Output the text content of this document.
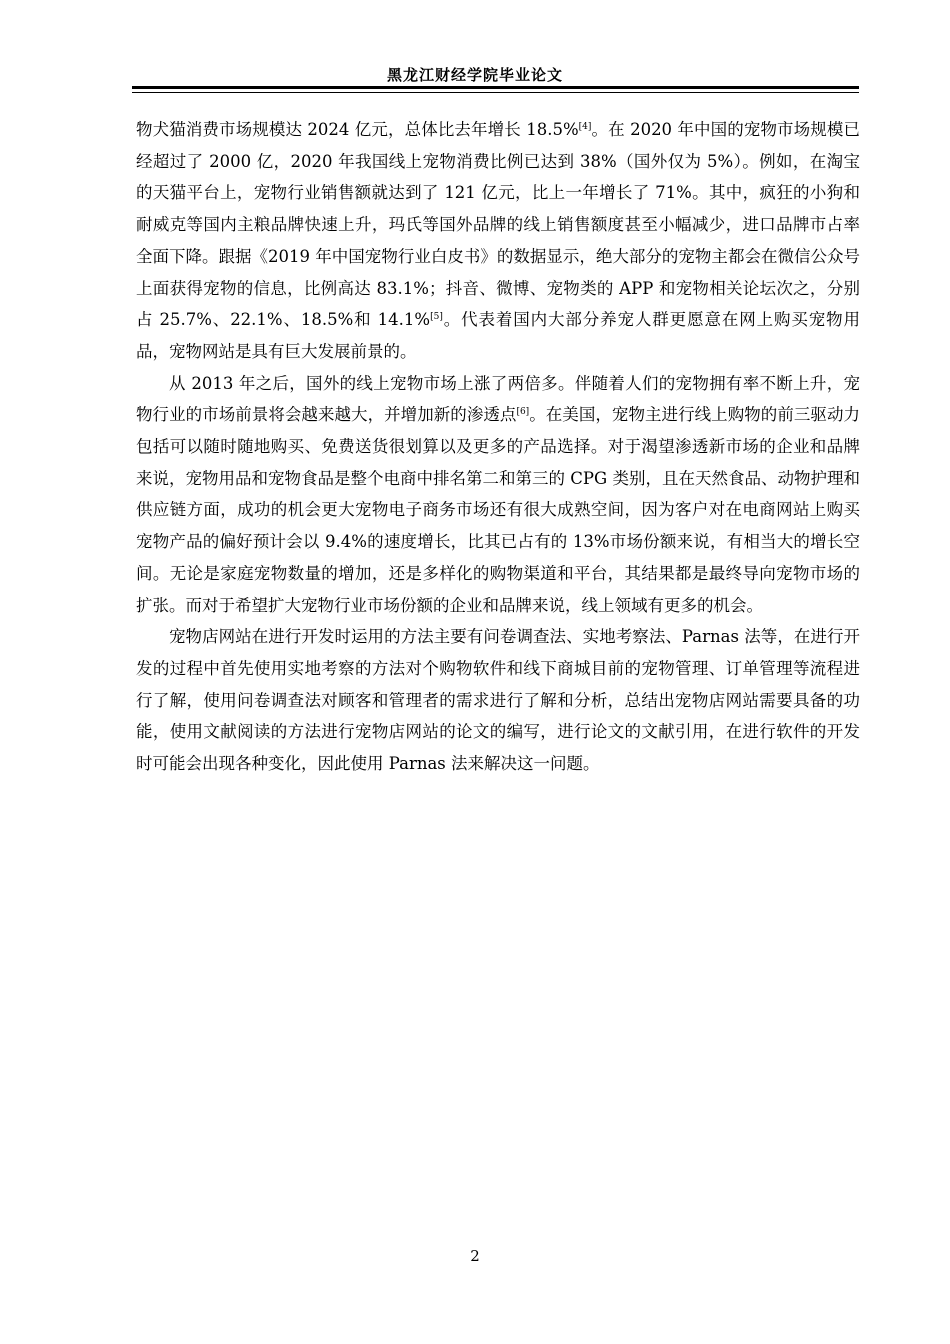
黑龙江财经学院毕业论文

物犬猫消费市场规模达 2024 亿元，总体比去年增长 18.5%[4]。在 2020 年中国的宠物市场规模已经超过了 2000 亿，2020 年我国线上宠物消费比例已达到 38%（国外仅为 5%）。例如，在淘宝的天猫平台上，宠物行业销售额就达到了 121 亿元，比上一年增长了 71%。其中，疯狂的小狗和耐威克等国内主粮品牌快速上升，玛氏等国外品牌的线上销售额度甚至小幅减少，进口品牌市占率全面下降。跟据《2019 年中国宠物行业白皮书》的数据显示，绝大部分的宠物主都会在微信公众号上面获得宠物的信息，比例高达 83.1%；抖音、微博、宠物类的 APP 和宠物相关论坛次之，分别占 25.7%、22.1%、18.5%和 14.1%[5]。代表着国内大部分养宠人群更愿意在网上购买宠物用品，宠物网站是具有巨大发展前景的。

从 2013 年之后，国外的线上宠物市场上涨了两倍多。伴随着人们的宠物拥有率不断上升，宠物行业的市场前景将会越来越大，并增加新的渗透点[6]。在美国，宠物主进行线上购物的前三驱动力包括可以随时随地购买、免费送货很划算以及更多的产品选择。对于渴望渗透新市场的企业和品牌来说，宠物用品和宠物食品是整个电商中排名第二和第三的 CPG 类别，且在天然食品、动物护理和供应链方面，成功的机会更大宠物电子商务市场还有很大成熟空间，因为客户对在电商网站上购买宠物产品的偏好预计会以 9.4%的速度增长，比其已占有的 13%市场份额来说，有相当大的增长空间。无论是家庭宠物数量的增加，还是多样化的购物渠道和平台，其结果都是最终导向宠物市场的扩张。而对于希望扩大宠物行业市场份额的企业和品牌来说，线上领域有更多的机会。

宠物店网站在进行开发时运用的方法主要有问卷调查法、实地考察法、Parnas 法等，在进行开发的过程中首先使用实地考察的方法对个购物软件和线下商城目前的宠物管理、订单管理等流程进行了解，使用问卷调查法对顾客和管理者的需求进行了解和分析，总结出宠物店网站需要具备的功能，使用文献阅读的方法进行宠物店网站的论文的编写，进行论文的文献引用，在进行软件的开发时可能会出现各种变化，因此使用 Parnas 法来解决这一问题。

2
